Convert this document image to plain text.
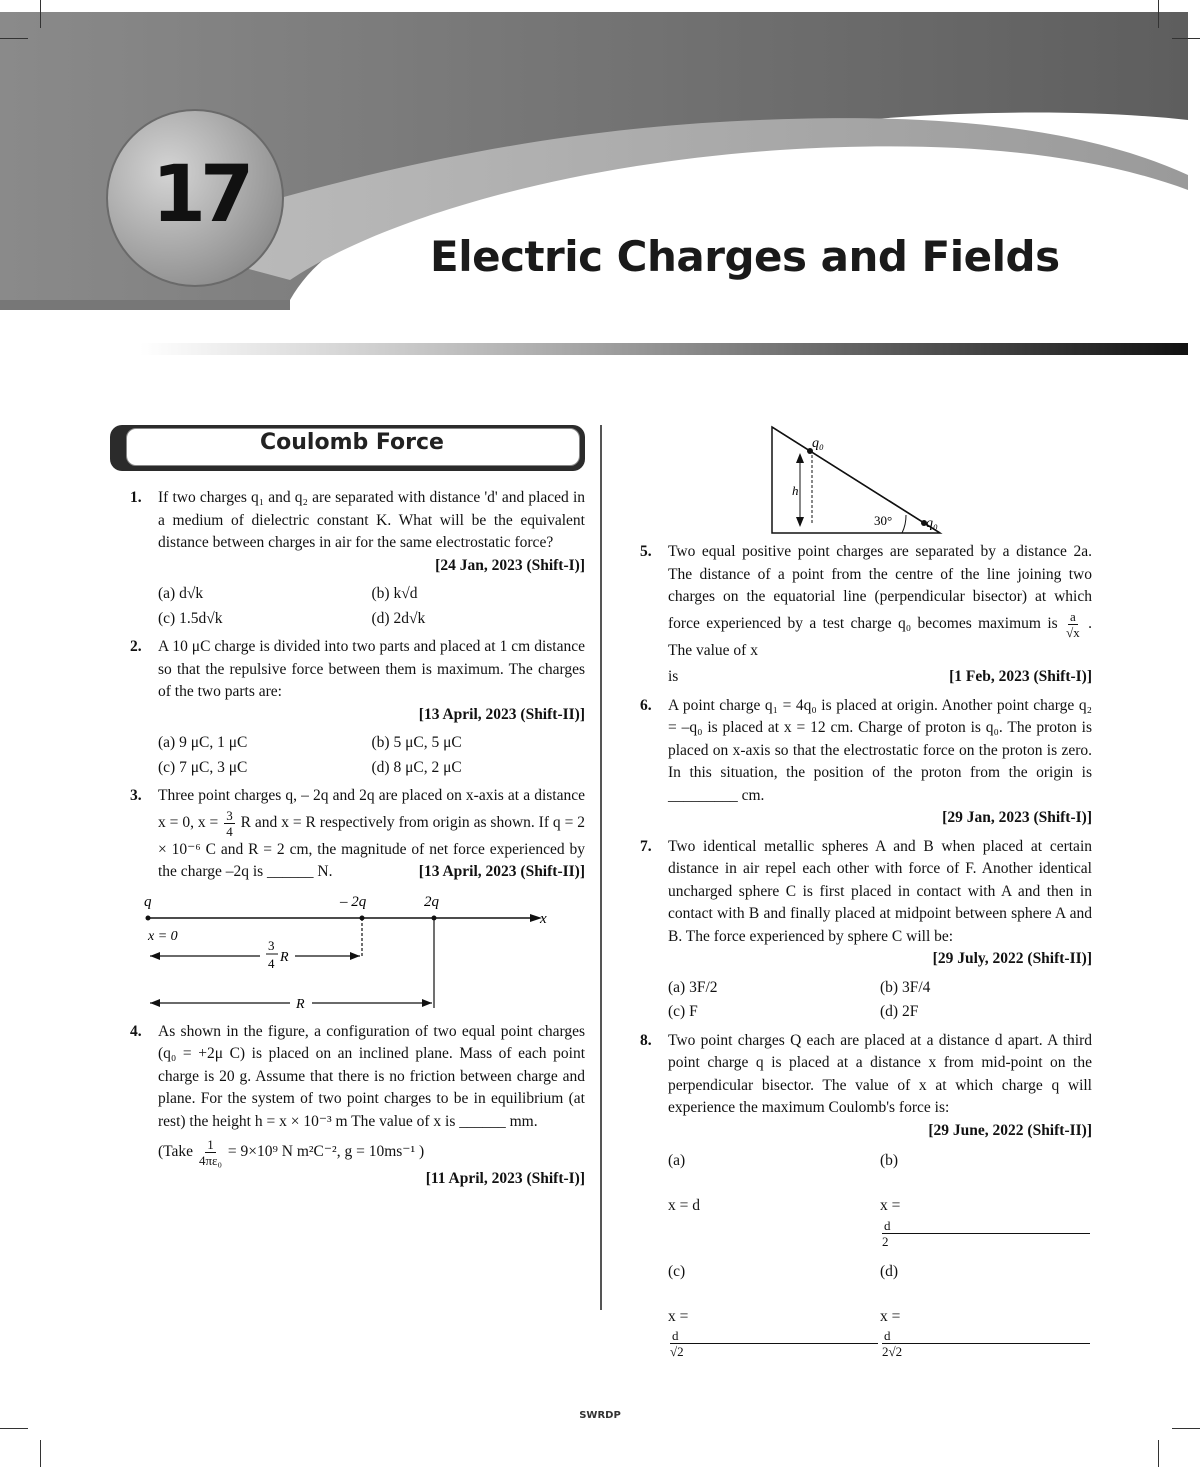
17
Electric Charges and Fields
Coulomb Force
1.	If two charges q₁ and q₂ are separated with distance 'd' and placed in a medium of dielectric constant K. What will be the equivalent distance between charges in air for the same electrostatic force?
[24 Jan, 2023 (Shift-I)]
(a) d√k	(b) k√d
(c) 1.5d√k	(d) 2d√k
2.	A 10 μC charge is divided into two parts and placed at 1 cm distance so that the repulsive force between them is maximum. The charges of the two parts are:
[13 April, 2023 (Shift-II)]
(a) 9 μC, 1 μC	(b) 5 μC, 5 μC
(c) 7 μC, 3 μC	(d) 8 μC, 2 μC
3.	Three point charges q, – 2q and 2q are placed on x-axis at a distance x = 0, $x = \frac{3}{4}$ R and x = R respectively from origin as shown. If q = 2 × 10⁻⁶ C and R = 2 cm, the magnitude of net force experienced by the charge –2q is ______ N.	[13 April, 2023 (Shift-II)]
q	– 2q	2q
x
x = 0
3
4 R
R
4.	As shown in the figure, a configuration of two equal point charges (q₀ = +2μ C) is placed on an inclined plane. Mass of each point charge is 20 g. Assume that there is no friction between charge and plane. For the system of two point charges to be in equilibrium (at rest) the height h = x × 10⁻³ m The value of x is ______ mm.
(Take $\frac{1}{\text{4πε₀}} = 9\times 10^9$ N m²C⁻², g = 10ms⁻¹ )
[11 April, 2023 (Shift-I)]
q₀
q₀
h
30°
5.	Two equal positive point charges are separated by a distance 2a. The distance of a point from the centre of the line joining two charges on the equatorial line (perpendicular bisector) at which force experienced by a test charge q₀ becomes maximum is $\frac{a}{√x}$ . The value of x
is	[1 Feb, 2023 (Shift-I)]
6.	A point charge q₁ = 4q₀ is placed at origin. Another point charge q₂ = –q₀ is placed at x = 12 cm. Charge of proton is q₀. The proton is placed on x-axis so that the electrostatic force on the proton is zero. In this situation, the position of the proton from the origin is _________ cm.
[29 Jan, 2023 (Shift-I)]
7.	Two identical metallic spheres A and B when placed at certain distance in air repel each other with force of F. Another identical uncharged sphere C is first placed in contact with A and then in contact with B and finally placed at midpoint between sphere A and B. The force experienced by sphere C will be:
[29 July, 2022 (Shift-II)]
(a) 3F/2	(b) 3F/4
(c) F	(d) 2F
8.	Two point charges Q each are placed at a distance d apart. A third point charge q is placed at a distance x from mid-point on the perpendicular bisector. The value of x at which charge q will experience the maximum Coulomb's force is:
[29 June, 2022 (Shift-II)]
(a)

x = d
(b)

x =
d
2
(c)

x =
d
√2
(d)

x =
d
2√2
SWRDP
